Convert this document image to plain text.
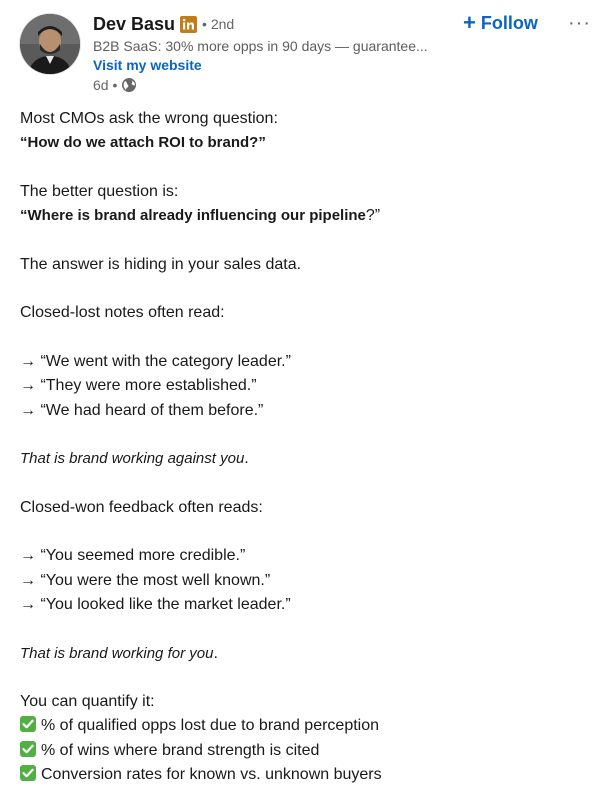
Dev Basu • 2nd
B2B SaaS: 30% more opps in 90 days — guarantee...
Visit my website
6d •
+ Follow ···
Most CMOs ask the wrong question:
“How do we attach ROI to brand?”
The better question is:
“Where is brand already influencing our pipeline?”
The answer is hiding in your sales data.
Closed-lost notes often read:
→ “We went with the category leader.”
→ “They were more established.”
→ “We had heard of them before.”
That is brand working against you.
Closed-won feedback often reads:
→ “You seemed more credible.”
→ “You were the most well known.”
→ “You looked like the market leader.”
That is brand working for you.
You can quantify it:
% of qualified opps lost due to brand perception
% of wins where brand strength is cited
Conversion rates for known vs. unknown buyers
